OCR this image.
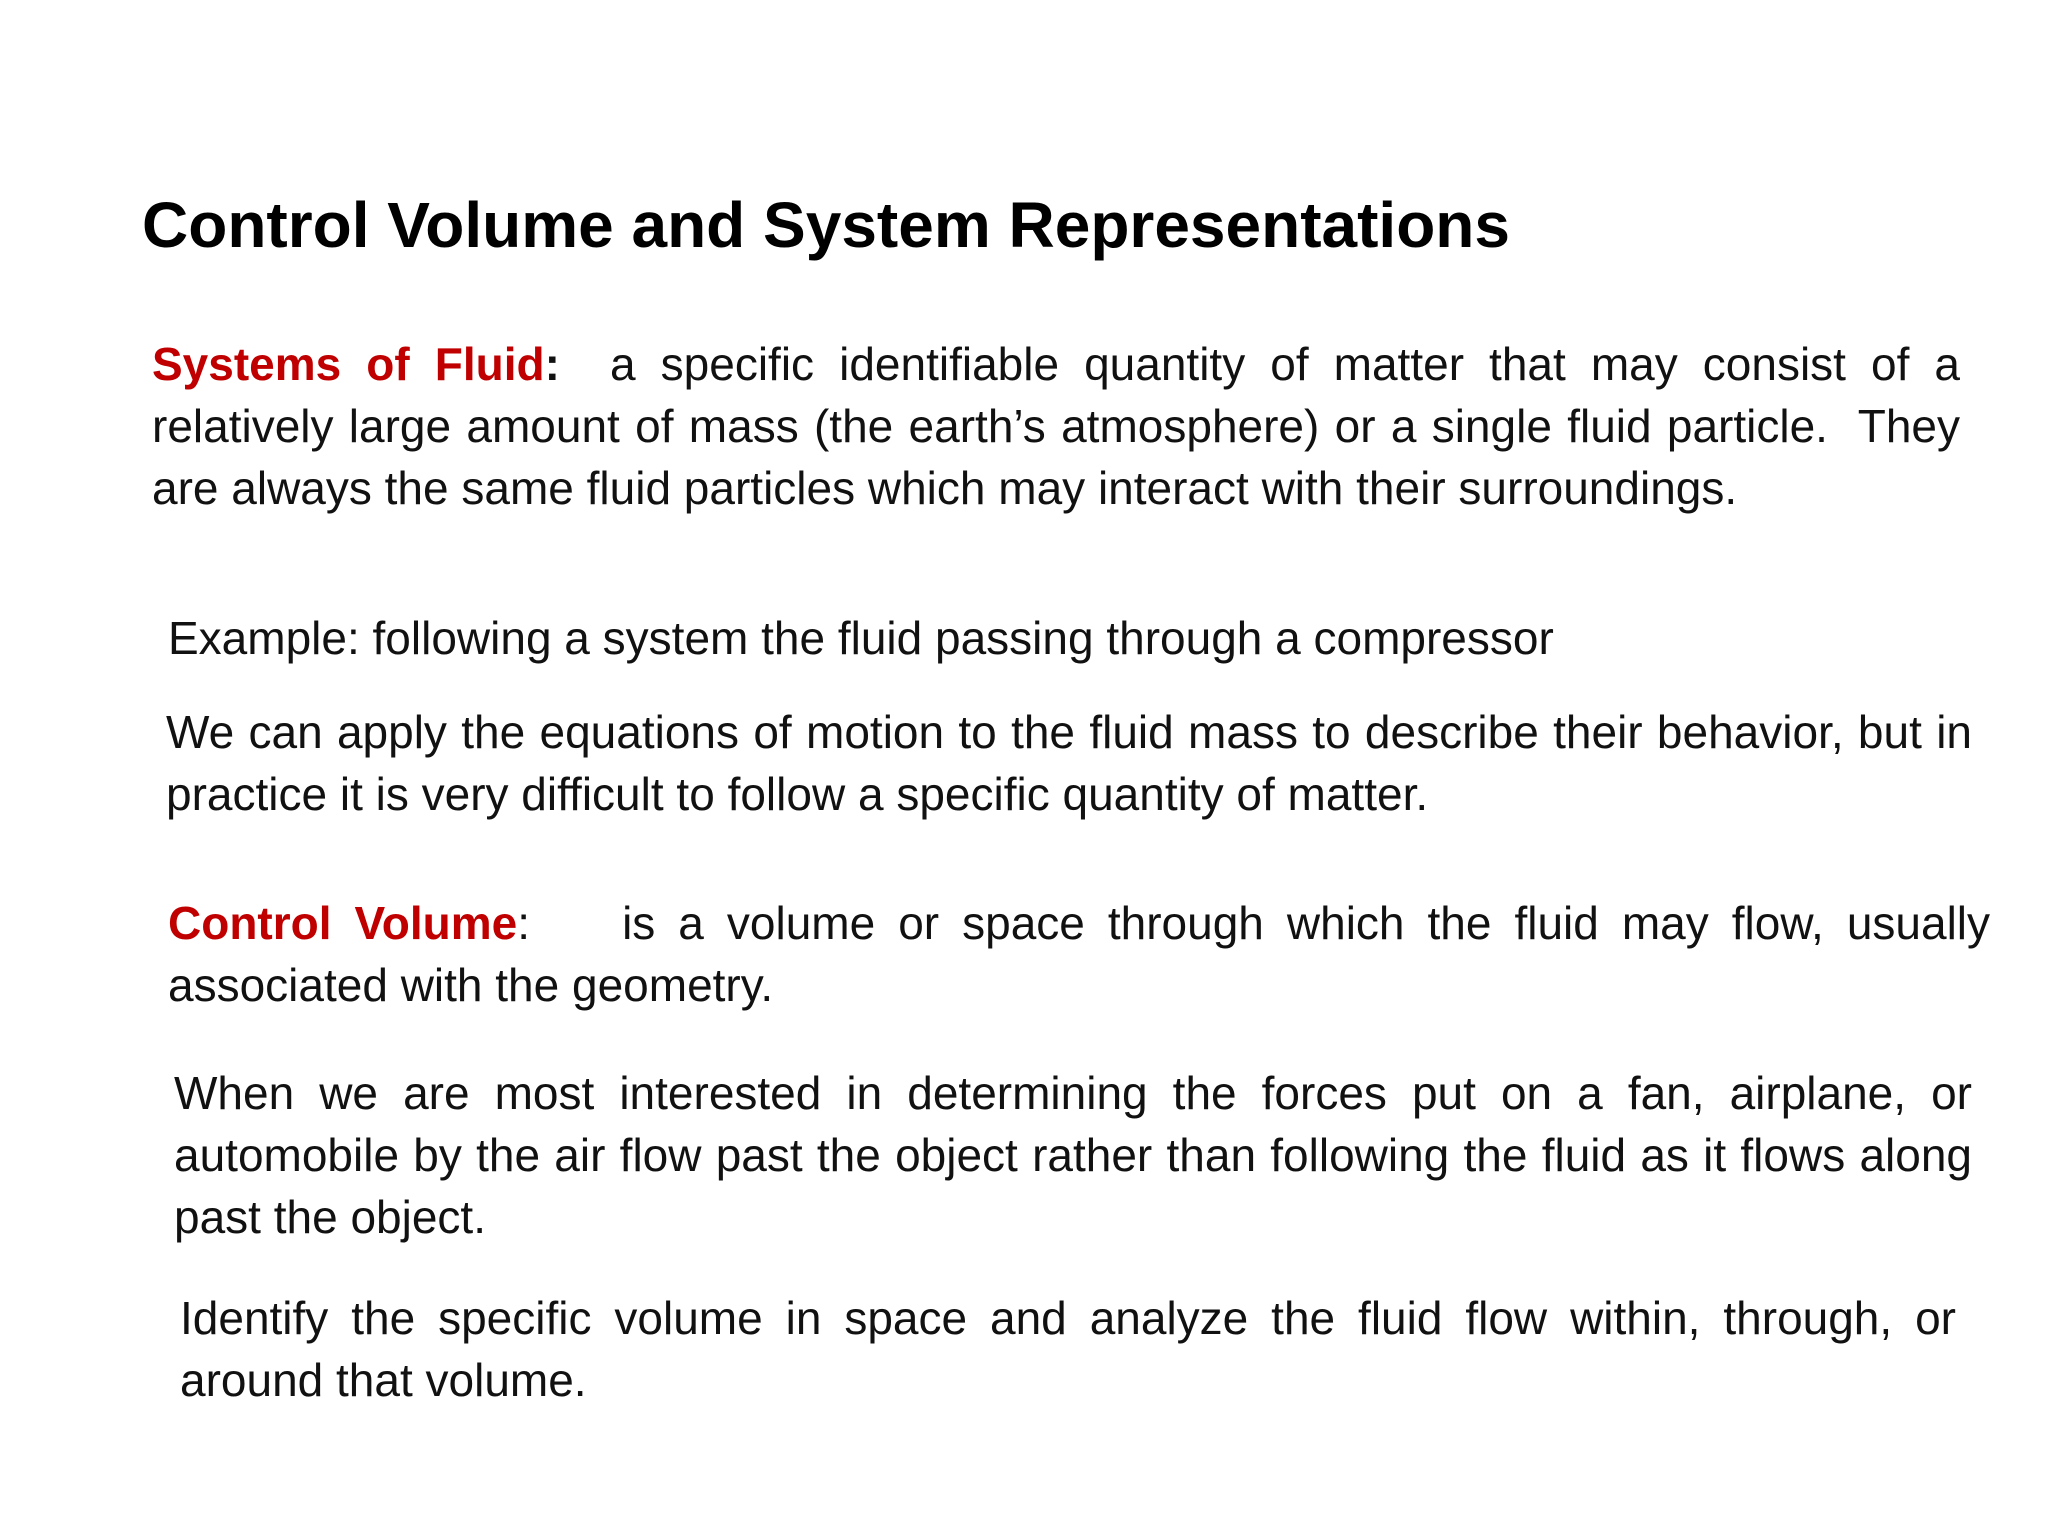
Control Volume and System Representations
Systems of Fluid:  a specific identifiable quantity of matter that may consist of a relatively large amount of mass (the earth’s atmosphere) or a single fluid particle.  They are always the same fluid particles which may interact with their surroundings.
Example: following a system the fluid passing through a compressor
We can apply the equations of motion to the fluid mass to describe their behavior, but in practice it is very difficult to follow a specific quantity of matter.
Control Volume:    is a volume or space through which the fluid may flow, usually associated with the geometry.
When we are most interested in determining the forces put on a fan, airplane, or automobile by the air flow past the object rather than following the fluid as it flows along past the object.
Identify the specific volume in space and analyze the fluid flow within, through, or around that volume.
